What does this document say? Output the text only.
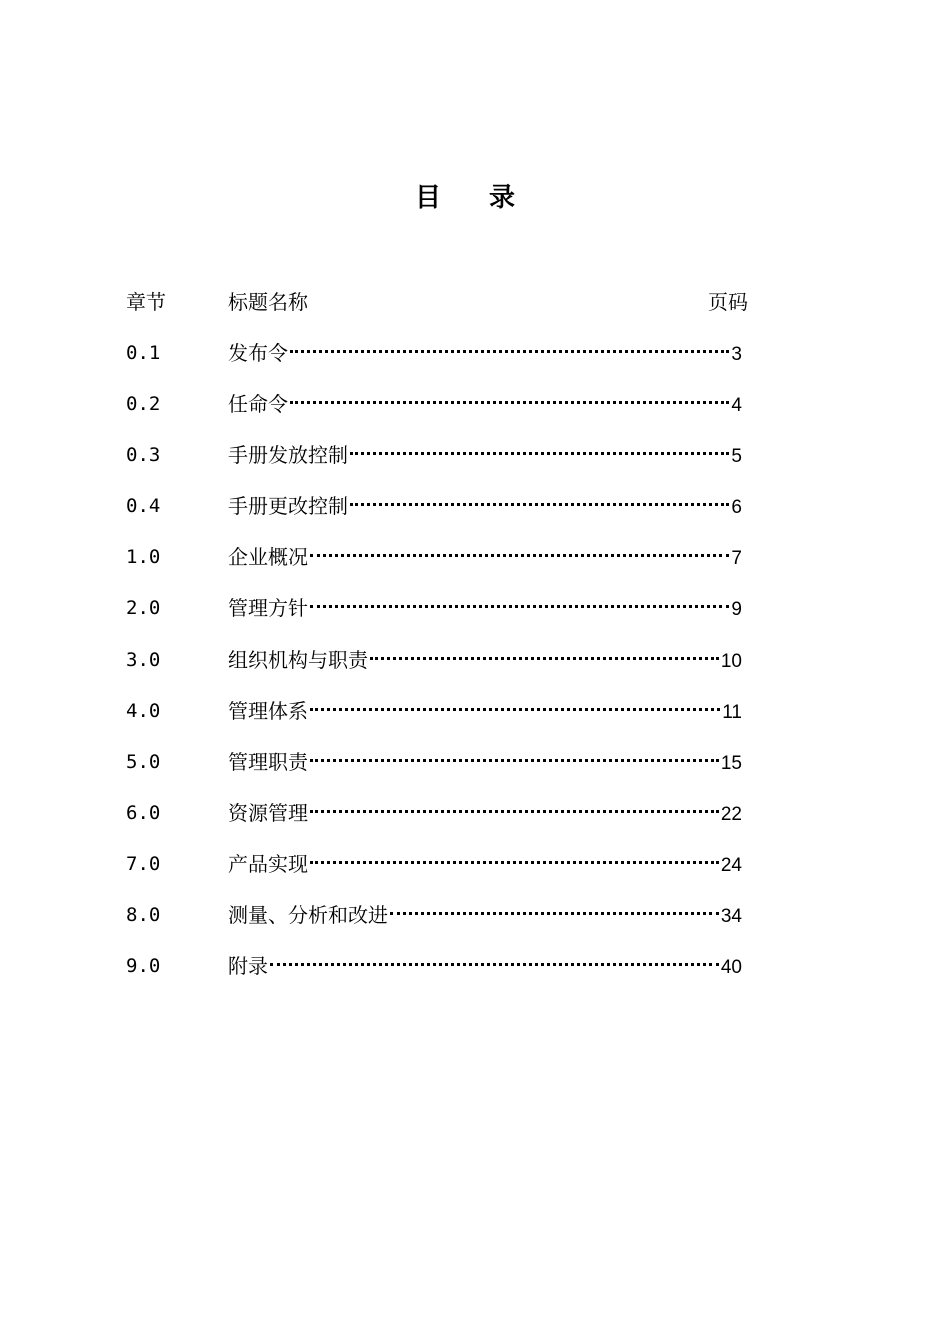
目录
章节	标题名称	页码
0.1	发布令	3
0.2	任命令	4
0.3	手册发放控制	5
0.4	手册更改控制	6
1.0	企业概况	7
2.0	管理方针	9
3.0	组织机构与职责	10
4.0	管理体系	11
5.0	管理职责	15
6.0	资源管理	22
7.0	产品实现	24
8.0	测量、分析和改进	34
9.0	附录	40
